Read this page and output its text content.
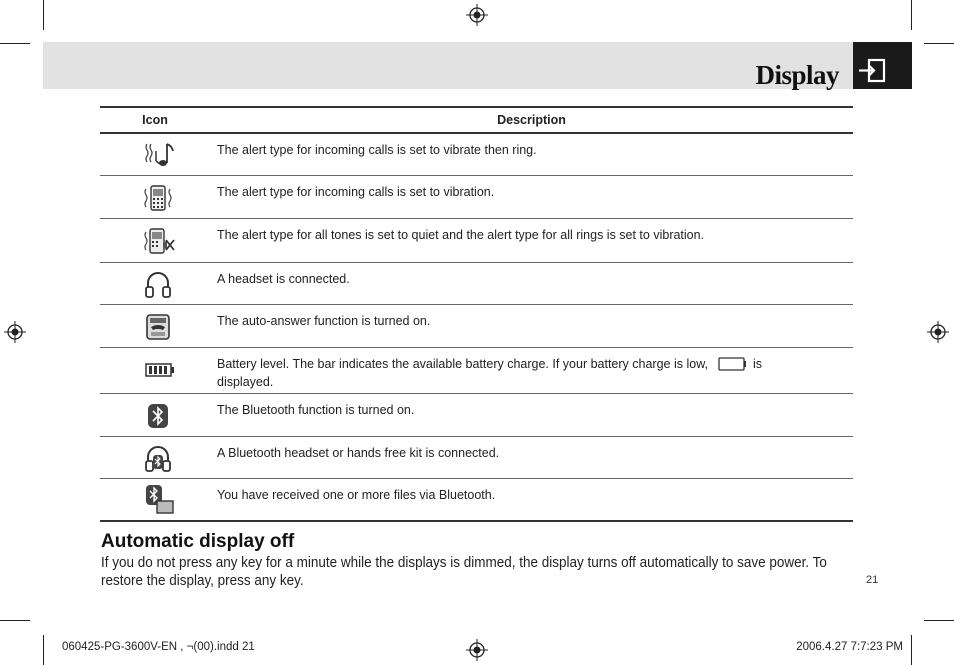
Display
Icon	Description
The alert type for incoming calls is set to vibrate then ring.
The alert type for incoming calls is set to vibration.
The alert type for all tones is set to quiet and the alert type for all rings is set to vibration.
A headset is connected.
The auto-answer function is turned on.
Battery level. The bar indicates the available battery charge. If your battery charge is low,	is displayed.
The Bluetooth function is turned on.
A Bluetooth headset or hands free kit is connected.
You have received one or more files via Bluetooth.
Automatic display off
If you do not press any key for a minute while the displays is dimmed, the display turns off automatically to save power. To restore the display, press any key.	21
060425-PG-3600V-EN , ¬(00).indd 21	2006.4.27 7:7:23 PM
